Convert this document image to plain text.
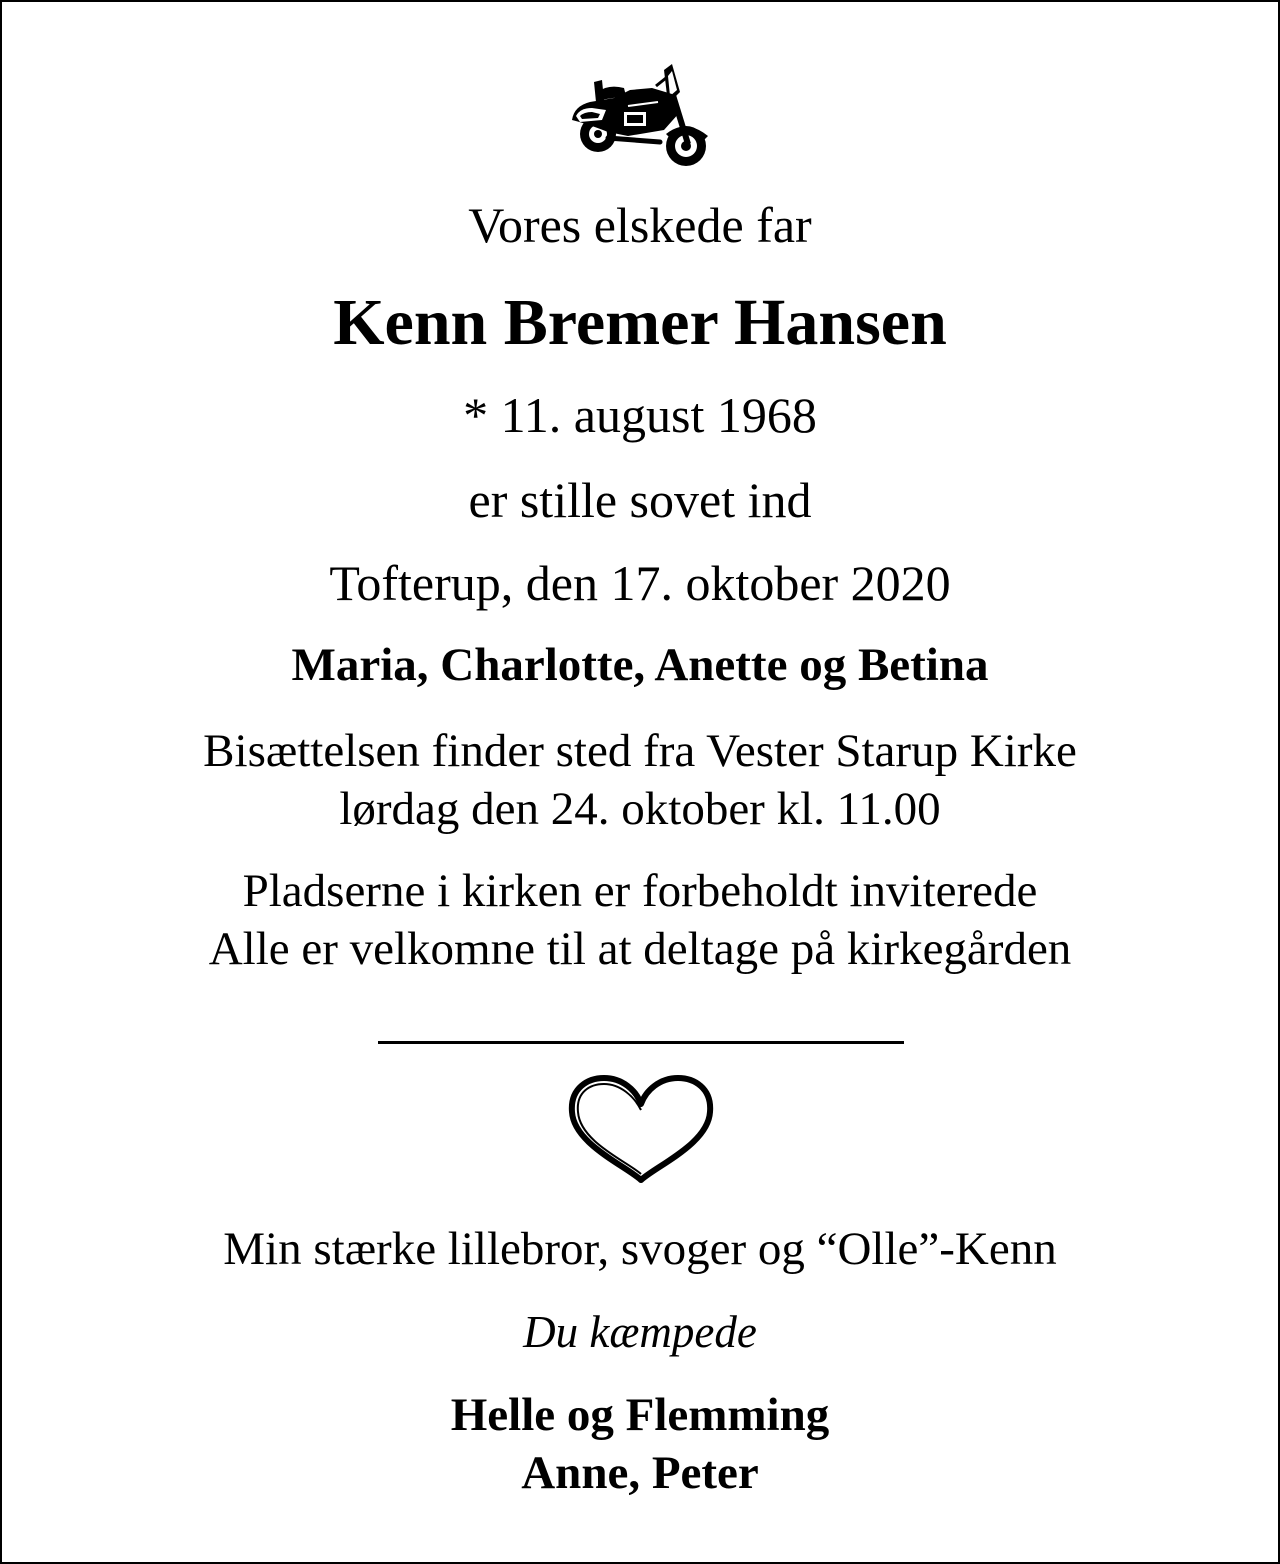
Vores elskede far
Kenn Bremer Hansen
* 11. august 1968
er stille sovet ind
Tofterup, den 17. oktober 2020
Maria, Charlotte, Anette og Betina
Bisættelsen finder sted fra Vester Starup Kirke
lørdag den 24. oktober kl. 11.00
Pladserne i kirken er forbeholdt inviterede
Alle er velkomne til at deltage på kirkegården
Min stærke lillebror, svoger og “Olle”-Kenn
Du kæmpede
Helle og Flemming
Anne, Peter
